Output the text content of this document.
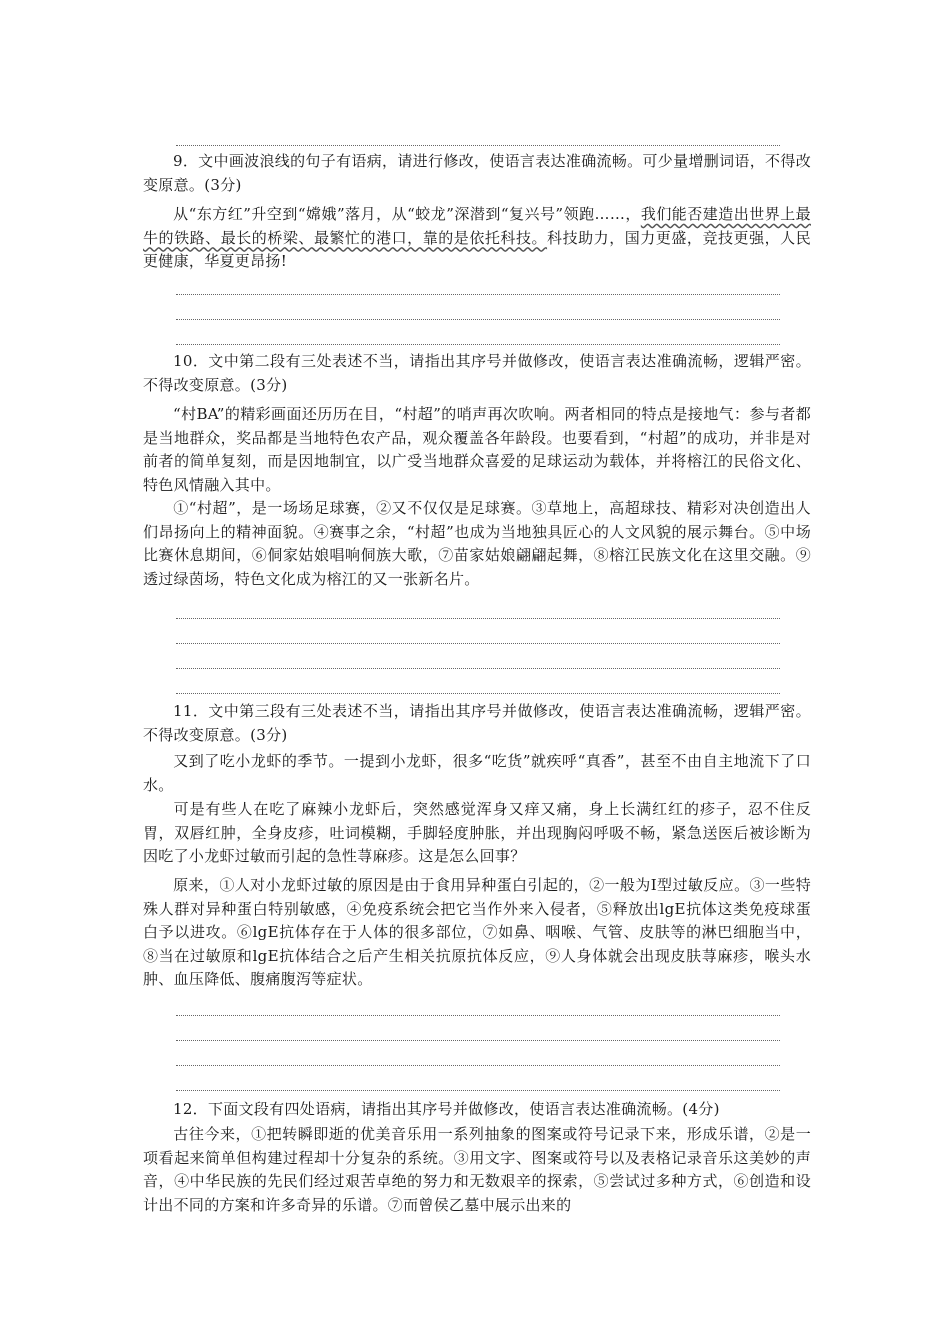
9．文中画波浪线的句子有语病，请进行修改，使语言表达准确流畅。可少量增删词语，不得改变原意。(3分)

从“东方红”升空到“嫦娥”落月，从“蛟龙”深潜到“复兴号”领跑……，我们能否建造出世界上最牛的铁路、最长的桥梁、最繁忙的港口，靠的是依托科技。科技助力，国力更盛，竞技更强，人民更健康，华夏更昂扬!

10．文中第二段有三处表述不当，请指出其序号并做修改，使语言表达准确流畅，逻辑严密。不得改变原意。(3分)

“村BA”的精彩画面还历历在目，“村超”的哨声再次吹响。两者相同的特点是接地气：参与者都是当地群众，奖品都是当地特色农产品，观众覆盖各年龄段。也要看到，“村超”的成功，并非是对前者的简单复刻，而是因地制宜，以广受当地群众喜爱的足球运动为载体，并将榕江的民俗文化、特色风情融入其中。

①“村超”，是一场场足球赛，②又不仅仅是足球赛。③草地上，高超球技、精彩对决创造出人们昂扬向上的精神面貌。④赛事之余，“村超”也成为当地独具匠心的人文风貌的展示舞台。⑤中场比赛休息期间，⑥侗家姑娘唱响侗族大歌，⑦苗家姑娘翩翩起舞，⑧榕江民族文化在这里交融。⑨透过绿茵场，特色文化成为榕江的又一张新名片。

11．文中第三段有三处表述不当，请指出其序号并做修改，使语言表达准确流畅，逻辑严密。不得改变原意。(3分)

又到了吃小龙虾的季节。一提到小龙虾，很多“吃货”就疾呼“真香”，甚至不由自主地流下了口水。

可是有些人在吃了麻辣小龙虾后，突然感觉浑身又痒又痛，身上长满红红的疹子，忍不住反胃，双唇红肿，全身皮疹，吐词模糊，手脚轻度肿胀，并出现胸闷呼吸不畅，紧急送医后被诊断为因吃了小龙虾过敏而引起的急性荨麻疹。这是怎么回事？

原来，①人对小龙虾过敏的原因是由于食用异种蛋白引起的，②一般为Ⅰ型过敏反应。③一些特殊人群对异种蛋白特别敏感，④免疫系统会把它当作外来入侵者，⑤释放出lgE抗体这类免疫球蛋白予以进攻。⑥lgE抗体存在于人体的很多部位，⑦如鼻、咽喉、气管、皮肤等的淋巴细胞当中，⑧当在过敏原和lgE抗体结合之后产生相关抗原抗体反应，⑨人身体就会出现皮肤荨麻疹，喉头水肿、血压降低、腹痛腹泻等症状。

12．下面文段有四处语病，请指出其序号并做修改，使语言表达准确流畅。(4分)

古往今来，①把转瞬即逝的优美音乐用一系列抽象的图案或符号记录下来，形成乐谱，②是一项看起来简单但构建过程却十分复杂的系统。③用文字、图案或符号以及表格记录音乐这美妙的声音，④中华民族的先民们经过艰苦卓绝的努力和无数艰辛的探索，⑤尝试过多种方式，⑥创造和设计出不同的方案和许多奇异的乐谱。⑦而曾侯乙墓中展示出来的
